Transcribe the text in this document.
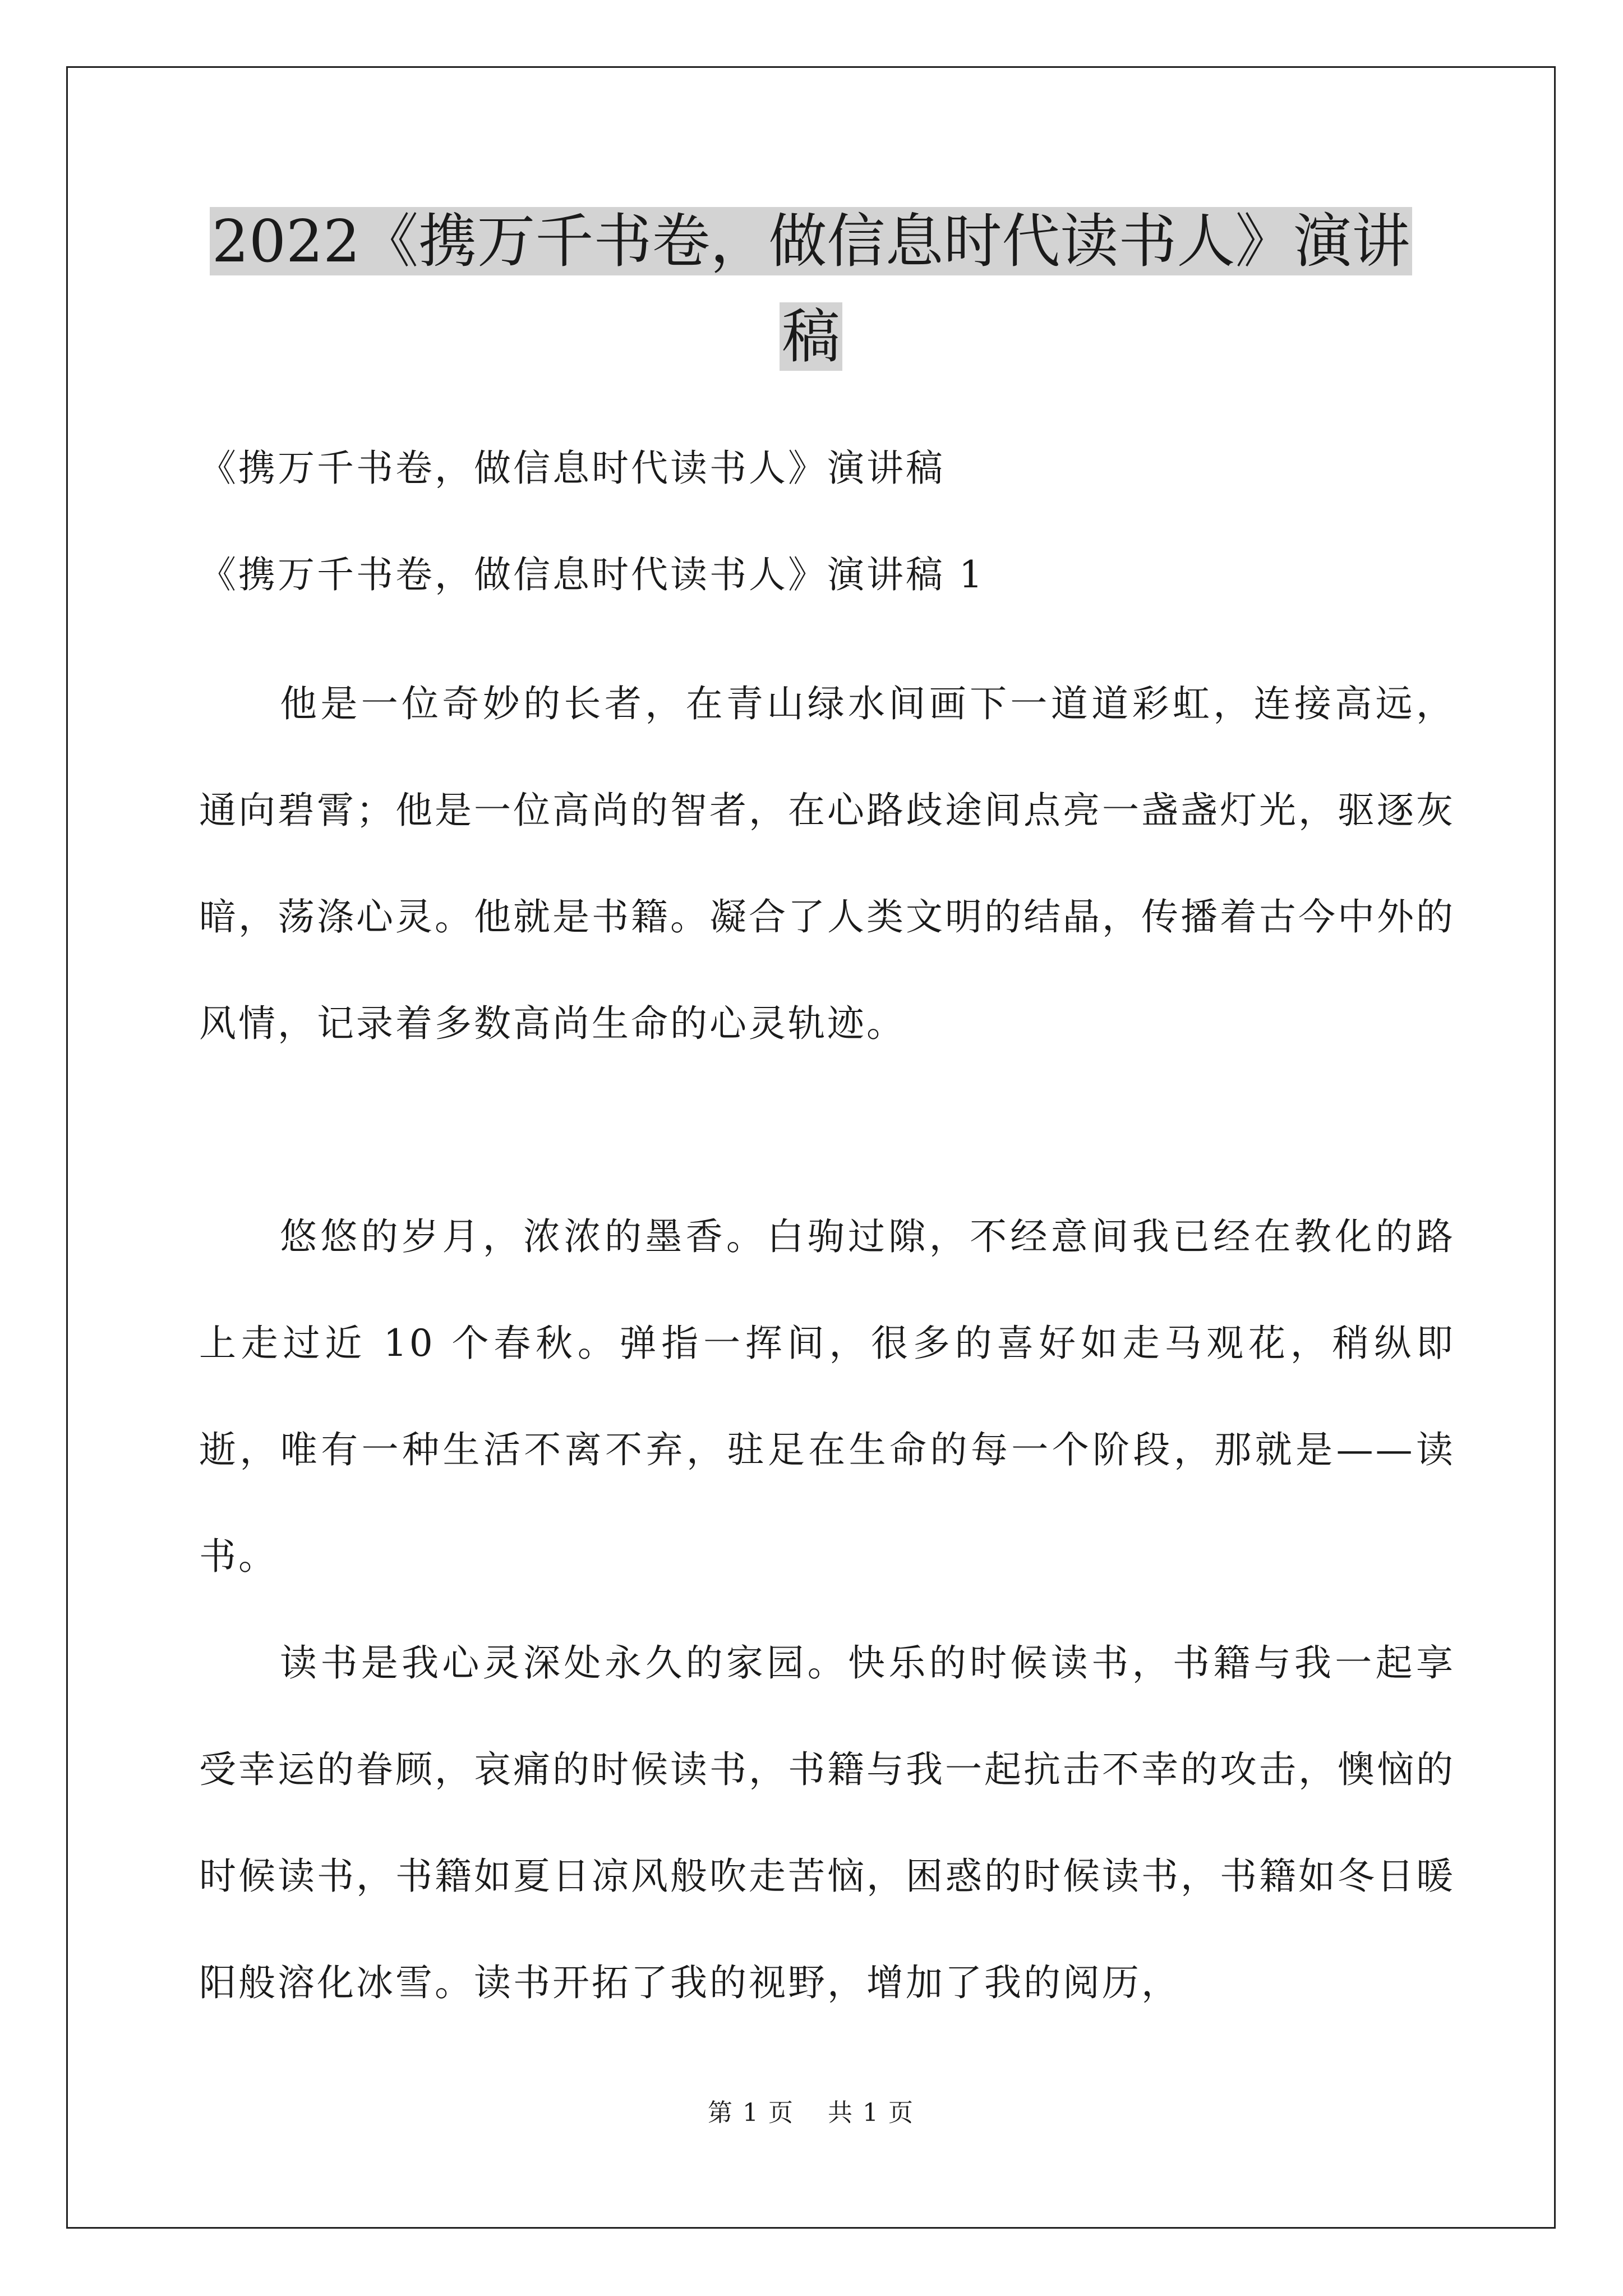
2022《携万千书卷，做信息时代读书人》演讲
稿

《携万千书卷，做信息时代读书人》演讲稿

《携万千书卷，做信息时代读书人》演讲稿 1

他是一位奇妙的长者，在青山绿水间画下一道道彩虹，连接高远，通向碧霄；他是一位高尚的智者，在心路歧途间点亮一盏盏灯光，驱逐灰暗，荡涤心灵。他就是书籍。凝合了人类文明的结晶，传播着古今中外的风情，记录着多数高尚生命的心灵轨迹。

悠悠的岁月，浓浓的墨香。白驹过隙，不经意间我已经在教化的路上走过近 10 个春秋。弹指一挥间，很多的喜好如走马观花，稍纵即逝，唯有一种生活不离不弃，驻足在生命的每一个阶段，那就是——读书。

读书是我心灵深处永久的家园。快乐的时候读书，书籍与我一起享受幸运的眷顾，哀痛的时候读书，书籍与我一起抗击不幸的攻击，懊恼的时候读书，书籍如夏日凉风般吹走苦恼，困惑的时候读书，书籍如冬日暖阳般溶化冰雪。读书开拓了我的视野，增加了我的阅历，

第 1 页 共 1 页
